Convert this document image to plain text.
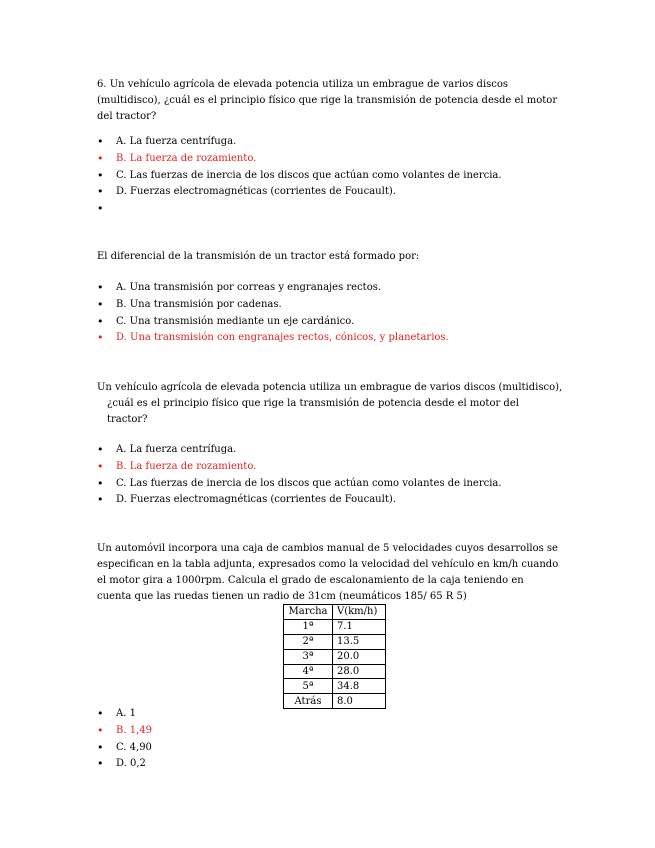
6. Un vehículo agrícola de elevada potencia utiliza un embrague de varios discos (multidisco), ¿cuál es el principio físico que rige la transmisión de potencia desde el motor del tractor?

• A. La fuerza centrífuga.
• B. La fuerza de rozamiento.
• C. Las fuerzas de inercia de los discos que actúan como volantes de inercia.
• D. Fuerzas electromagnéticas (corrientes de Foucault).
•

El diferencial de la transmisión de un tractor está formado por:

• A. Una transmisión por correas y engranajes rectos.
• B. Una transmisión por cadenas.
• C. Una transmisión mediante un eje cardánico.
• D. Una transmisión con engranajes rectos, cónicos, y planetarios.

Un vehículo agrícola de elevada potencia utiliza un embrague de varios discos (multidisco),

¿cuál es el principio físico que rige la transmisión de potencia desde el motor del
tractor?

• A. La fuerza centrífuga.
• B. La fuerza de rozamiento.
• C. Las fuerzas de inercia de los discos que actúan como volantes de inercia.
• D. Fuerzas electromagnéticas (corrientes de Foucault).

Un automóvil incorpora una caja de cambios manual de 5 velocidades cuyos desarrollos se especifican en la tabla adjunta, expresados como la velocidad del vehículo en km/h cuando el motor gira a 1000rpm. Calcula el grado de escalonamiento de la caja teniendo en cuenta que las ruedas tienen un radio de 31cm (neumáticos 185/ 65 R 5)

Marcha	V(km/h)
1ª	7.1
2ª	13.5
3ª	20.0
4ª	28.0
5ª	34.8
Atrás	8.0
• A. 1
• B. 1,49
• C. 4,90
• D. 0,2
